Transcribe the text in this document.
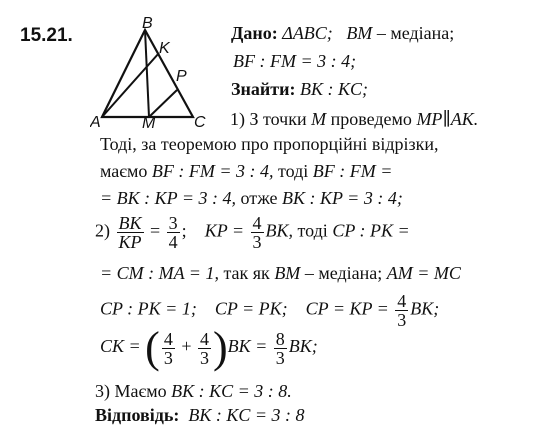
15.21.
B
A	C
M
K
P
Дано: ΔABC; BM – медіана;
BF : FM = 3 : 4;
Знайти: BK : KC;
1) З точки M проведемо MP∥AK.
Тоді, за теоремою про пропорційні відрізки,
маємо BF : FM = 3 : 4, тоді BF : FM =
= BK : KP = 3 : 4, отже BK : KP = 3 : 4;
$2) \frac{BK}{KP} = \frac{3}{4}$ ;    KP = $\frac{4}{3}$ BK, тоді CP : PK =
= CM : MA = 1, так як BM – медіана; AM = MC
CP : PK = 1; CP = PK; CP = KP = $\frac{4}{3}$ BK;
CK = ( $\frac{4}{3} + \frac{4}{3} )BK = \frac{8}{3}$ BK;
3) Маємо BK : KC = 3 : 8.
Відповідь: BK : KC = 3 : 8
